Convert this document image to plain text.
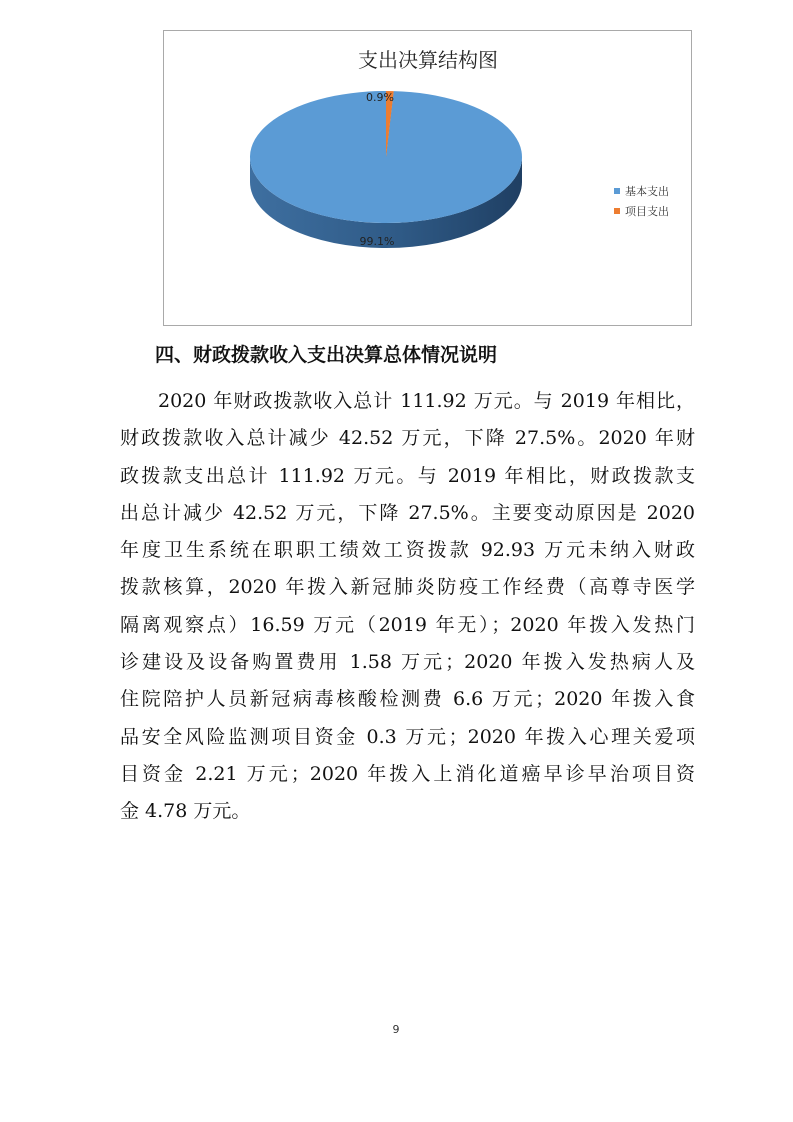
支出决算结构图
99.1%
0.9%
基本支出
项目支出
四、财政拨款收入支出决算总体情况说明
2020 年财政拨款收入总计 111.92 万元。与 2019 年相比，
财政拨款收入总计减少 42.52 万元，下降 27.5%。2020 年财
政拨款支出总计 111.92 万元。与 2019 年相比，财政拨款支
出总计减少 42.52 万元，下降 27.5%。主要变动原因是 2020
年度卫生系统在职职工绩效工资拨款 92.93 万元未纳入财政
拨款核算，2020 年拨入新冠肺炎防疫工作经费（高尊寺医学
隔离观察点）16.59 万元（2019 年无）；2020 年拨入发热门
诊建设及设备购置费用 1.58 万元；2020 年拨入发热病人及
住院陪护人员新冠病毒核酸检测费 6.6 万元；2020 年拨入食
品安全风险监测项目资金 0.3 万元；2020 年拨入心理关爱项
目资金 2.21 万元；2020 年拨入上消化道癌早诊早治项目资
金 4.78 万元。
9
